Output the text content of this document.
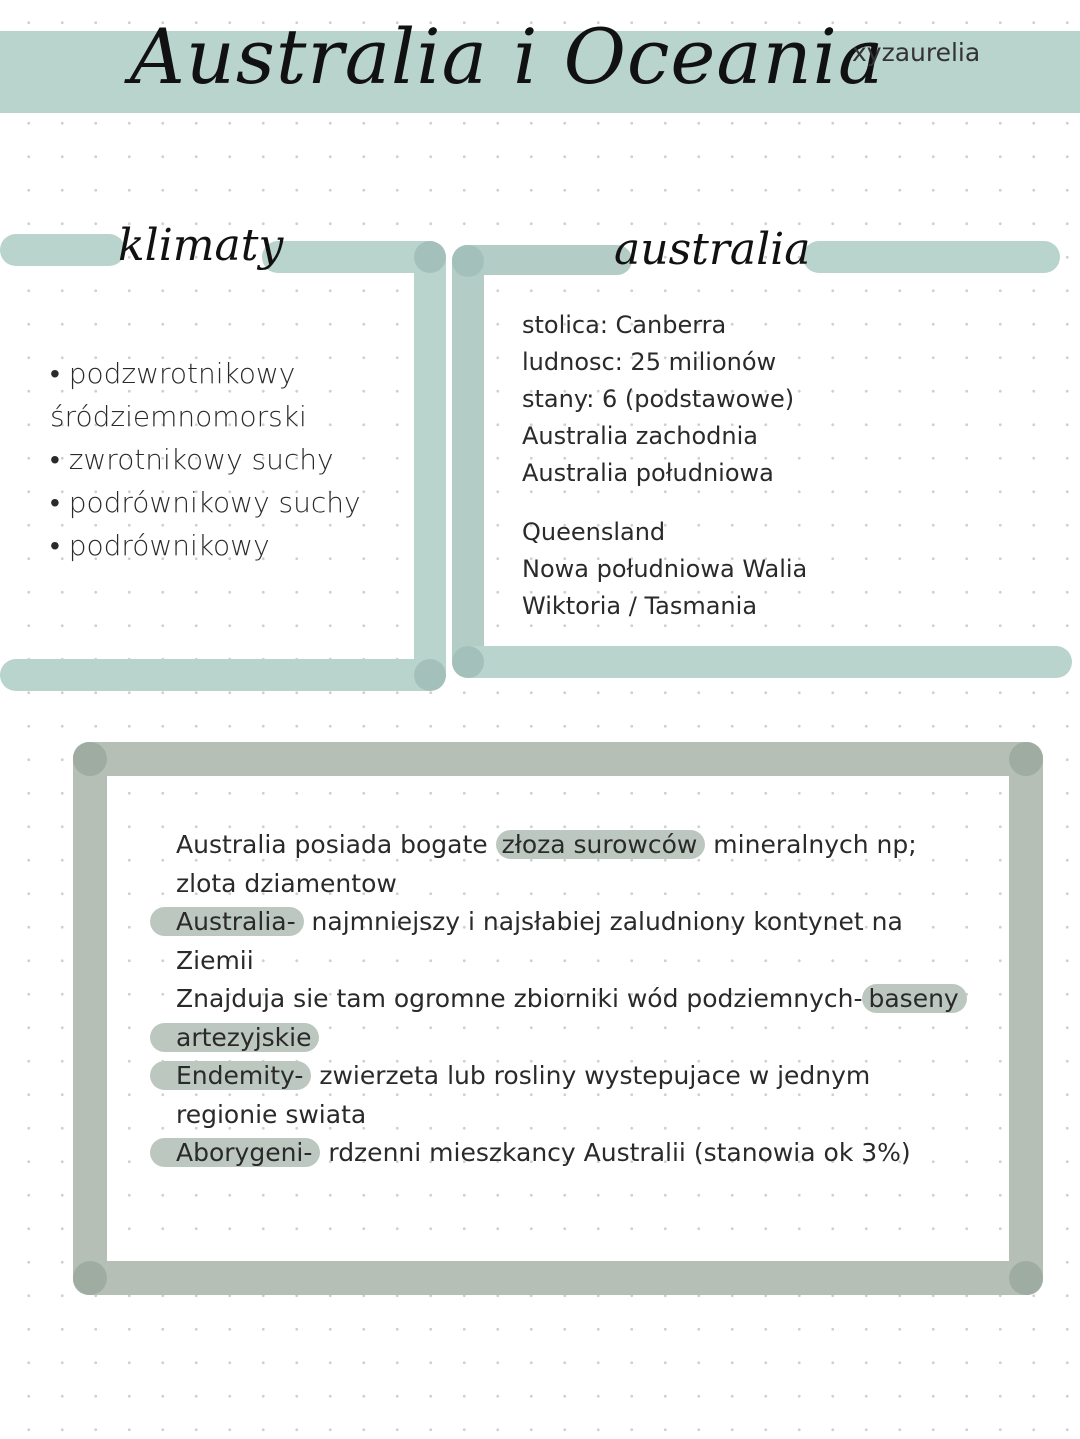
Australia i Oceania
xyzaurelia
klimaty
• podzwrotnikowy
śródziemnomorski
• zwrotnikowy suchy
• podrównikowy suchy
• podrównikowy
australia
stolica: Canberra
ludnosc: 25 milionów
stany: 6 (podstawowe)
Australia zachodnia
Australia południowa
Queensland
Nowa południowa Walia
Wiktoria / Tasmania
Australia posiada bogate złoza surowców mineralnych np;
zlota dziamentow
Australia- najmniejszy i najsłabiej zaludniony kontynet na
Ziemii
Znajduja sie tam ogromne zbiorniki wód podziemnych- baseny
artezyjskie
Endemity- zwierzeta lub rosliny wystepujace w jednym
regionie swiata
Aborygeni- rdzenni mieszkancy Australii (stanowia ok 3%)
